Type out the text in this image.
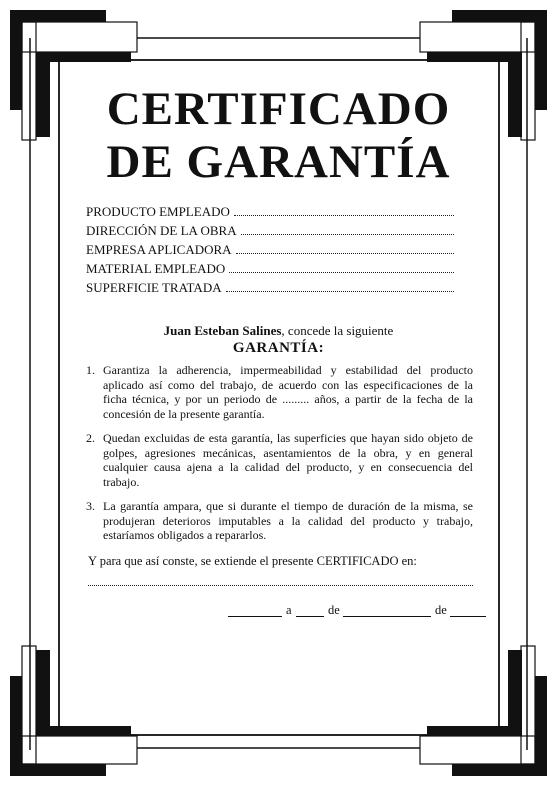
CERTIFICADO
DE GARANTÍA
PRODUCTO EMPLEADO
DIRECCIÓN DE LA OBRA
EMPRESA APLICADORA
MATERIAL EMPLEADO
SUPERFICIE TRATADA
Juan Esteban Salines, concede la siguiente
GARANTÍA:
1. Garantiza la adherencia, impermeabilidad y estabilidad del producto aplicado así como del trabajo, de acuerdo con las especificaciones de la ficha técnica, y por un periodo de ......... años, a partir de la fecha de la concesión de la presente garantía.
2. Quedan excluidas de esta garantía, las superficies que hayan sido objeto de golpes, agresiones mecánicas, asentamientos de la obra, y en general cualquier causa ajena a la calidad del producto, y en consecuencia del trabajo.
3. La garantía ampara, que si durante el tiempo de duración de la misma, se produjeran deterioros imputables a la calidad del producto y trabajo, estaríamos obligados a repararlos.
Y para que así conste, se extiende el presente CERTIFICADO en:
a	de	de
